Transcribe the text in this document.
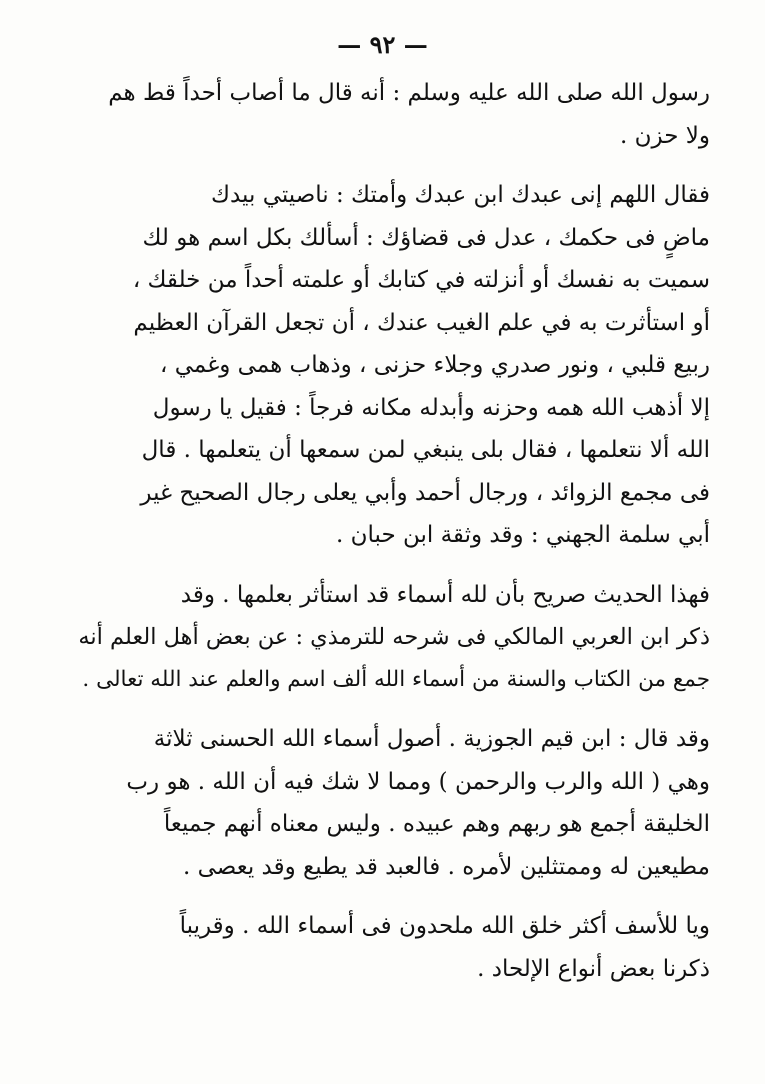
— ٩٢ —

رسول الله صلى الله عليه وسلم : أنه قال ما أصاب أحداً قط هم
ولا حزن .

فقال اللهم إنى عبدك ابن عبدك وأمتك : ناصيتي بيدك
ماضٍ فى حكمك ، عدل فى قضاؤك : أسألك بكل اسم هو لك
سميت به نفسك أو أنزلته في كتابك أو علمته أحداً من خلقك ،
أو استأثرت به في علم الغيب عندك ، أن تجعل القرآن العظيم
ربيع قلبي ، ونور صدري وجلاء حزنى ، وذهاب همى وغمي ،
إلا أذهب الله همه وحزنه وأبدله مكانه فرجاً : فقيل يا رسول
الله ألا نتعلمها ، فقال بلى ينبغي لمن سمعها أن يتعلمها . قال
فى مجمع الزوائد ، ورجال أحمد وأبي يعلى رجال الصحيح غير
أبي سلمة الجهني : وقد وثقة ابن حبان .

فهذا الحديث صريح بأن لله أسماء قد استأثر بعلمها . وقد
ذكر ابن العربي المالكي فى شرحه للترمذي : عن بعض أهل العلم أنه
جمع من الكتاب والسنة من أسماء الله ألف اسم والعلم عند الله تعالى .

وقد قال : ابن قيم الجوزية . أصول أسماء الله الحسنى ثلاثة
وهي ( الله والرب والرحمن ) ومما لا شك فيه أن الله . هو رب
الخليقة أجمع هو ربهم وهم عبيده . وليس معناه أنهم جميعاً
مطيعين له وممتثلين لأمره . فالعبد قد يطيع وقد يعصى .

ويا للأسف أكثر خلق الله ملحدون فى أسماء الله . وقريباً
ذكرنا بعض أنواع الإلحاد .
